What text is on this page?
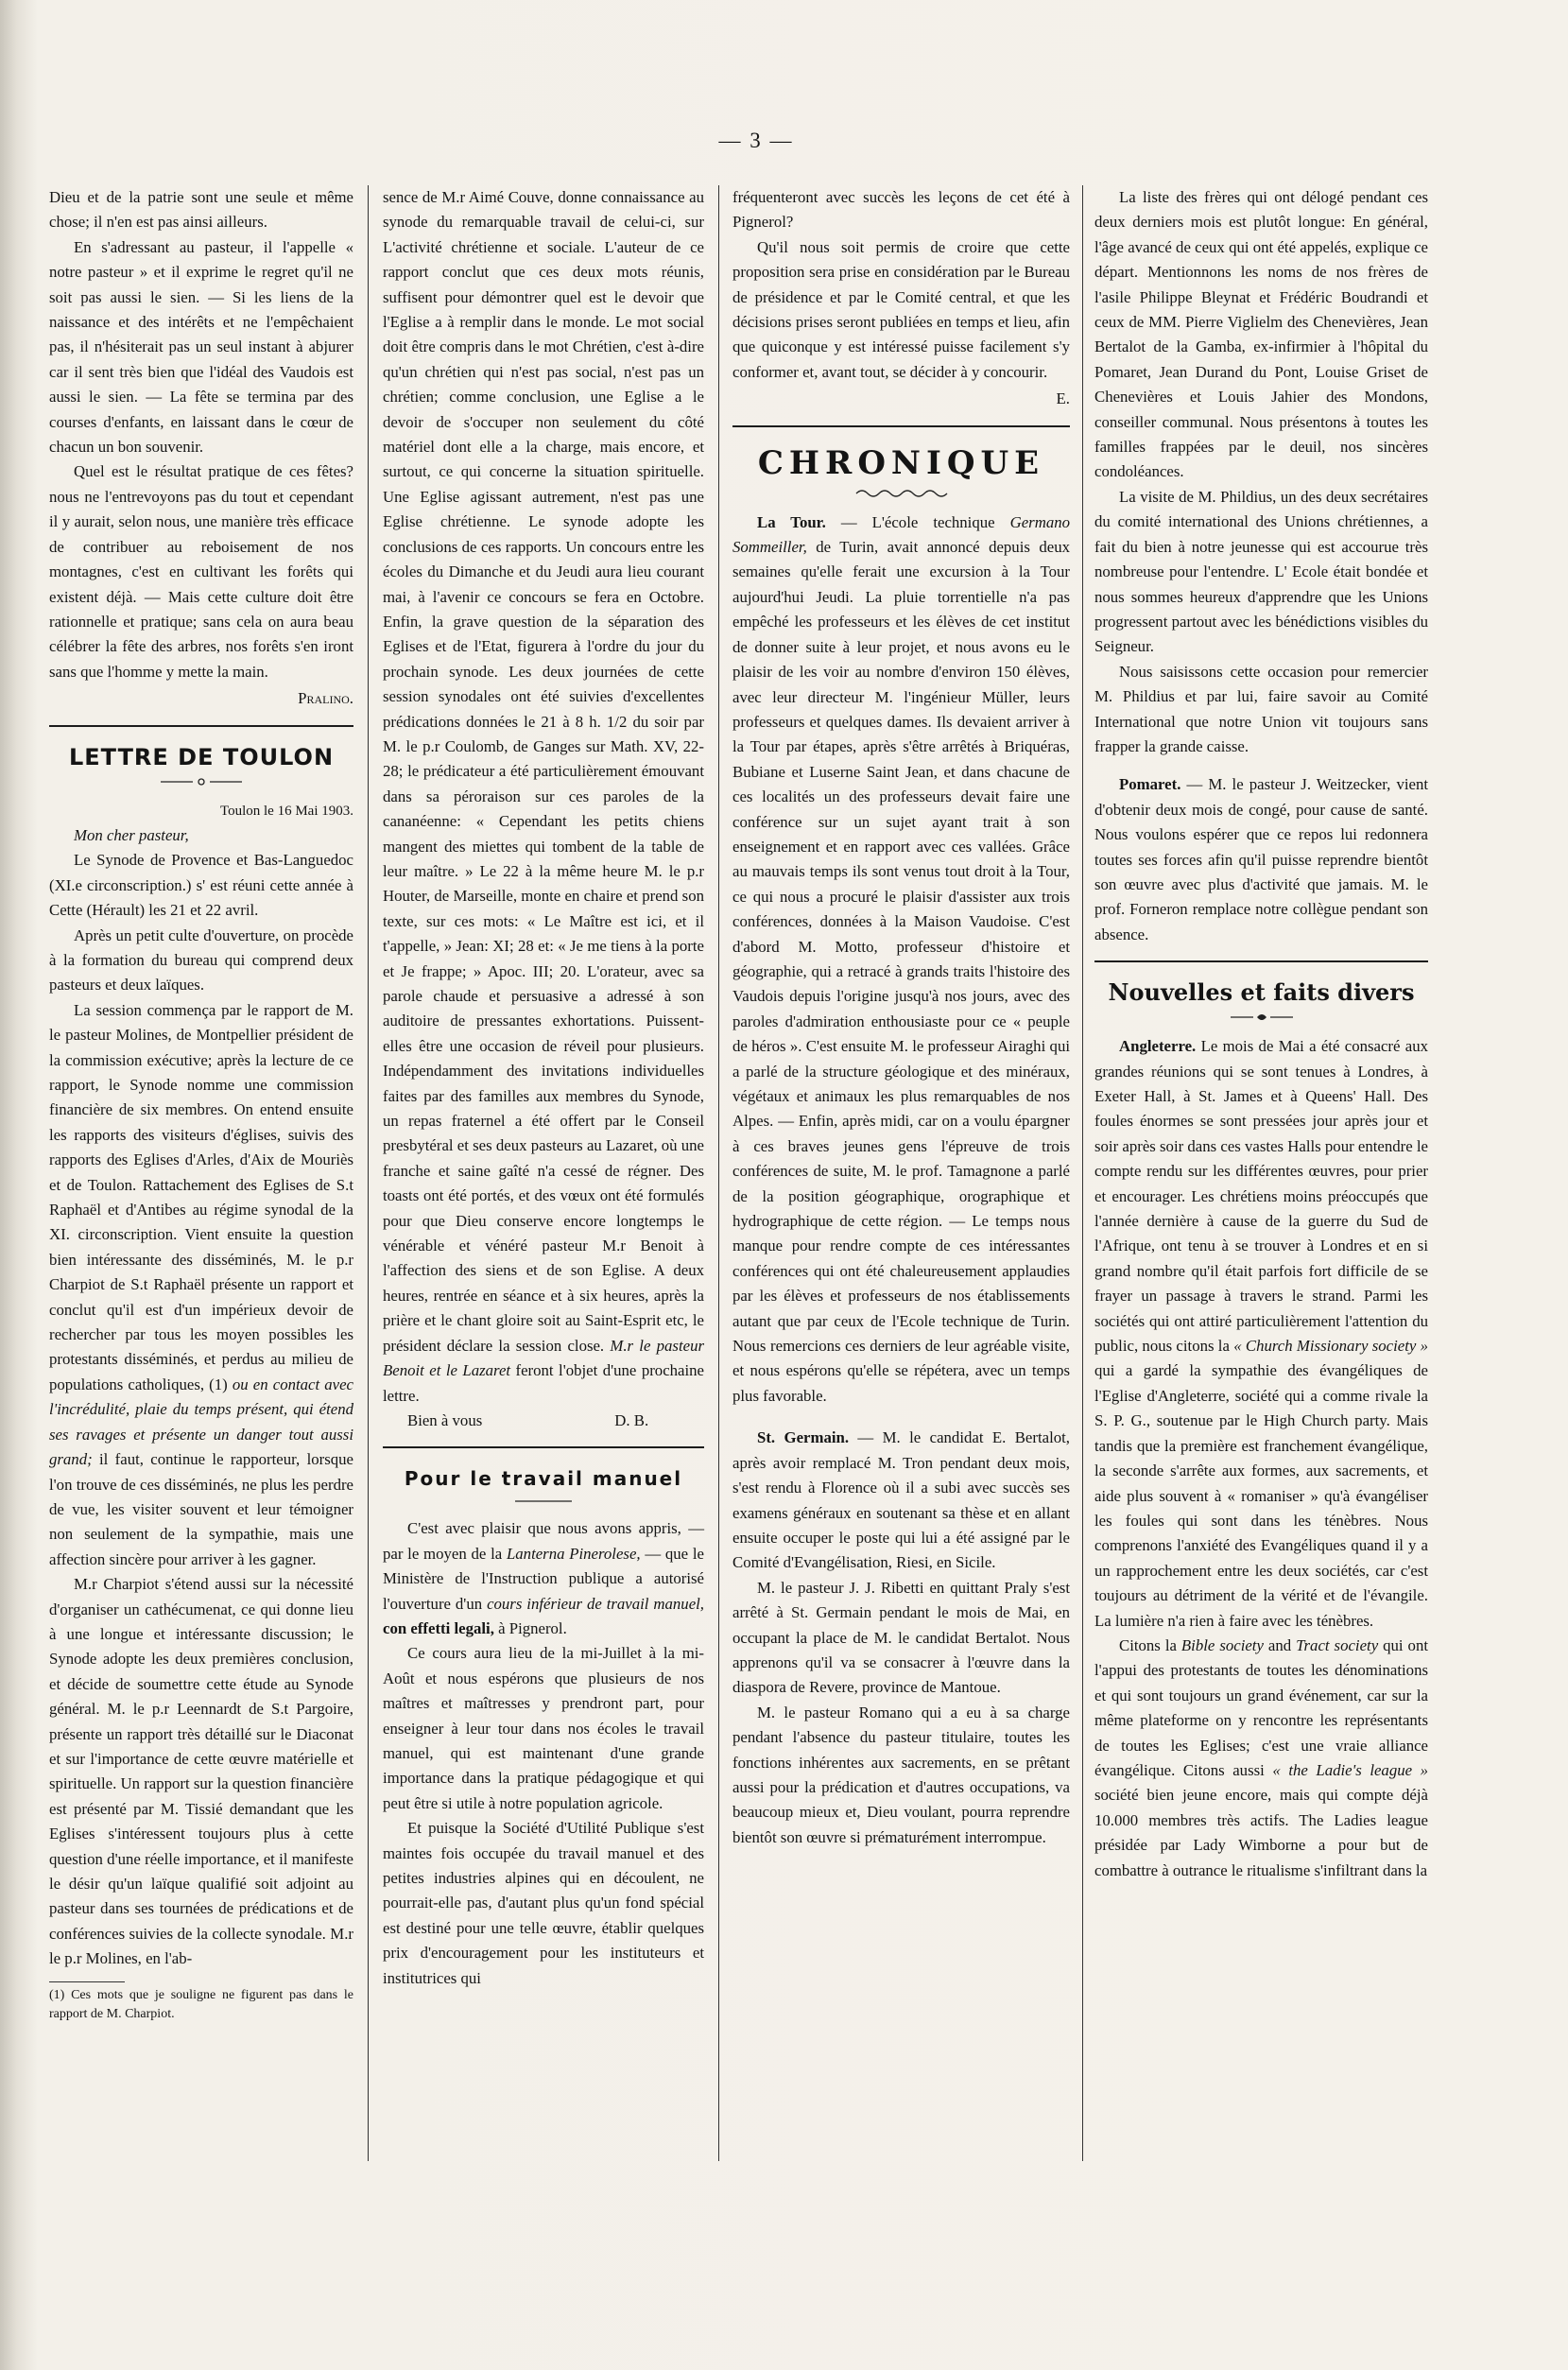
— 3 —

Dieu et de la patrie sont une seule et même chose; il n'en est pas ainsi ailleurs.

En s'adressant au pasteur, il l'appelle « notre pasteur » et il exprime le regret qu'il ne soit pas aussi le sien. — Si les liens de la naissance et des intérêts et ne l'empêchaient pas, il n'hésiterait pas un seul instant à abjurer car il sent très bien que l'idéal des Vaudois est aussi le sien. — La fête se termina par des courses d'enfants, en laissant dans le cœur de chacun un bon souvenir.

Quel est le résultat pratique de ces fêtes? nous ne l'entrevoyons pas du tout et cependant il y aurait, selon nous, une manière très efficace de contribuer au reboisement de nos montagnes, c'est en cultivant les forêts qui existent déjà. — Mais cette culture doit être rationnelle et pratique; sans cela on aura beau célébrer la fête des arbres, nos forêts s'en iront sans que l'homme y mette la main.

Pralino.
LETTRE DE TOULON
Toulon le 16 Mai 1903.

Mon cher pasteur,

Le Synode de Provence et Bas-Languedoc (XI.e circonscription.) s' est réuni cette année à Cette (Hérault) les 21 et 22 avril.

Après un petit culte d'ouverture, on procède à la formation du bureau qui comprend deux pasteurs et deux laïques.

La session commença par le rapport de M. le pasteur Molines, de Montpellier président de la commission exécutive; après la lecture de ce rapport, le Synode nomme une commission financière de six membres. On entend ensuite les rapports des visiteurs d'églises, suivis des rapports des Eglises d'Arles, d'Aix de Mouriès et de Toulon. Rattachement des Eglises de S.t Raphaël et d'Antibes au régime synodal de la XI. circonscription. Vient ensuite la question bien intéressante des disséminés, M. le p.r Charpiot de S.t Raphaël présente un rapport et conclut qu'il est d'un impérieux devoir de rechercher par tous les moyen possibles les protestants disséminés, et perdus au milieu de populations catholiques, (1) ou en contact avec l'incrédulité, plaie du temps présent, qui étend ses ravages et présente un danger tout aussi grand; il faut, continue le rapporteur, lorsque l'on trouve de ces disséminés, ne plus les perdre de vue, les visiter souvent et leur témoigner non seulement de la sympathie, mais une affection sincère pour arriver à les gagner.

M.r Charpiot s'étend aussi sur la nécessité d'organiser un cathécumenat, ce qui donne lieu à une longue et intéressante discussion; le Synode adopte les deux premières conclusion, et décide de soumettre cette étude au Synode général. M. le p.r Leennardt de S.t Pargoire, présente un rapport très détaillé sur le Diaconat et sur l'importance de cette œuvre matérielle et spirituelle. Un rapport sur la question financière est présenté par M. Tissié demandant que les Eglises s'intéressent toujours plus à cette question d'une réelle importance, et il manifeste le désir qu'un laïque qualifié soit adjoint au pasteur dans ses tournées de prédications et de conférences suivies de la collecte synodale. M.r le p.r Molines, en l'ab-

(1) Ces mots que je souligne ne figurent pas dans le rapport de M. Charpiot.

sence de M.r Aimé Couve, donne connaissance au synode du remarquable travail de celui-ci, sur L'activité chrétienne et sociale. L'auteur de ce rapport conclut que ces deux mots réunis, suffisent pour démontrer quel est le devoir que l'Eglise a à remplir dans le monde. Le mot social doit être compris dans le mot Chrétien, c'est à-dire qu'un chrétien qui n'est pas social, n'est pas un chrétien; comme conclusion, une Eglise a le devoir de s'occuper non seulement du côté matériel dont elle a la charge, mais encore, et surtout, ce qui concerne la situation spirituelle. Une Eglise agissant autrement, n'est pas une Eglise chrétienne. Le synode adopte les conclusions de ces rapports. Un concours entre les écoles du Dimanche et du Jeudi aura lieu courant mai, à l'avenir ce concours se fera en Octobre. Enfin, la grave question de la séparation des Eglises et de l'Etat, figurera à l'ordre du jour du prochain synode. Les deux journées de cette session synodales ont été suivies d'excellentes prédications données le 21 à 8 h. 1/2 du soir par M. le p.r Coulomb, de Ganges sur Math. XV, 22-28; le prédicateur a été particulièrement émouvant dans sa péroraison sur ces paroles de la cananéenne: « Cependant les petits chiens mangent des miettes qui tombent de la table de leur maître. » Le 22 à la même heure M. le p.r Houter, de Marseille, monte en chaire et prend son texte, sur ces mots: « Le Maître est ici, et il t'appelle, » Jean: XI; 28 et: « Je me tiens à la porte et Je frappe; » Apoc. III; 20. L'orateur, avec sa parole chaude et persuasive a adressé à son auditoire de pressantes exhortations. Puissent-elles être une occasion de réveil pour plusieurs. Indépendamment des invitations individuelles faites par des familles aux membres du Synode, un repas fraternel a été offert par le Conseil presbytéral et ses deux pasteurs au Lazaret, où une franche et saine gaîté n'a cessé de régner. Des toasts ont été portés, et des vœux ont été formulés pour que Dieu conserve encore longtemps le vénérable et vénéré pasteur M.r Benoit à l'affection des siens et de son Eglise. A deux heures, rentrée en séance et à six heures, après la prière et le chant gloire soit au Saint-Esprit etc, le président déclare la session close. M.r le pasteur Benoit et le Lazaret feront l'objet d'une prochaine lettre.

Bien à vous	D. B.

Pour le travail manuel

C'est avec plaisir que nous avons appris, — par le moyen de la Lanterna Pinerolese, — que le Ministère de l'Instruction publique a autorisé l'ouverture d'un cours inférieur de travail manuel, con effetti legali, à Pignerol.

Ce cours aura lieu de la mi-Juillet à la mi-Août et nous espérons que plusieurs de nos maîtres et maîtresses y prendront part, pour enseigner à leur tour dans nos écoles le travail manuel, qui est maintenant d'une grande importance dans la pratique pédagogique et qui peut être si utile à notre population agricole.

Et puisque la Société d'Utilité Publique s'est maintes fois occupée du travail manuel et des petites industries alpines qui en découlent, ne pourrait-elle pas, d'autant plus qu'un fond spécial est destiné pour une telle œuvre, établir quelques prix d'encouragement pour les instituteurs et institutrices qui

fréquenteront avec succès les leçons de cet été à Pignerol?

Qu'il nous soit permis de croire que cette proposition sera prise en considération par le Bureau de présidence et par le Comité central, et que les décisions prises seront publiées en temps et lieu, afin que quiconque y est intéressé puisse facilement s'y conformer et, avant tout, se décider à y concourir.

E.
CHRONIQUE

La Tour. — L'école technique Germano Sommeiller, de Turin, avait annoncé depuis deux semaines qu'elle ferait une excursion à la Tour aujourd'hui Jeudi. La pluie torrentielle n'a pas empêché les professeurs et les élèves de cet institut de donner suite à leur projet, et nous avons eu le plaisir de les voir au nombre d'environ 150 élèves, avec leur directeur M. l'ingénieur Müller, leurs professeurs et quelques dames. Ils devaient arriver à la Tour par étapes, après s'être arrêtés à Briquéras, Bubiane et Luserne Saint Jean, et dans chacune de ces localités un des professeurs devait faire une conférence sur un sujet ayant trait à son enseignement et en rapport avec ces vallées. Grâce au mauvais temps ils sont venus tout droit à la Tour, ce qui nous a procuré le plaisir d'assister aux trois conférences, données à la Maison Vaudoise. C'est d'abord M. Motto, professeur d'histoire et géographie, qui a retracé à grands traits l'histoire des Vaudois depuis l'origine jusqu'à nos jours, avec des paroles d'admiration enthousiaste pour ce « peuple de héros ». C'est ensuite M. le professeur Airaghi qui a parlé de la structure géologique et des minéraux, végétaux et animaux les plus remarquables de nos Alpes. — Enfin, après midi, car on a voulu épargner à ces braves jeunes gens l'épreuve de trois conférences de suite, M. le prof. Tamagnone a parlé de la position géographique, orographique et hydrographique de cette région. — Le temps nous manque pour rendre compte de ces intéressantes conférences qui ont été chaleureusement applaudies par les élèves et professeurs de nos établissements autant que par ceux de l'Ecole technique de Turin. Nous remercions ces derniers de leur agréable visite, et nous espérons qu'elle se répétera, avec un temps plus favorable.

St. Germain. — M. le candidat E. Bertalot, après avoir remplacé M. Tron pendant deux mois, s'est rendu à Florence où il a subi avec succès ses examens généraux en soutenant sa thèse et en allant ensuite occuper le poste qui lui a été assigné par le Comité d'Evangélisation, Riesi, en Sicile.

M. le pasteur J. J. Ribetti en quittant Praly s'est arrêté à St. Germain pendant le mois de Mai, en occupant la place de M. le candidat Bertalot. Nous apprenons qu'il va se consacrer à l'œuvre dans la diaspora de Revere, province de Mantoue.

M. le pasteur Romano qui a eu à sa charge pendant l'absence du pasteur titulaire, toutes les fonctions inhérentes aux sacrements, en se prêtant aussi pour la prédication et d'autres occupations, va beaucoup mieux et, Dieu voulant, pourra reprendre bientôt son œuvre si prématurément interrompue.

La liste des frères qui ont délogé pendant ces deux derniers mois est plutôt longue: En général, l'âge avancé de ceux qui ont été appelés, explique ce départ. Mentionnons les noms de nos frères de l'asile Philippe Bleynat et Frédéric Boudrandi et ceux de MM. Pierre Viglielm des Chenevières, Jean Bertalot de la Gamba, ex-infirmier à l'hôpital du Pomaret, Jean Durand du Pont, Louise Griset de Chenevières et Louis Jahier des Mondons, conseiller communal. Nous présentons à toutes les familles frappées par le deuil, nos sincères condoléances.

La visite de M. Phildius, un des deux secrétaires du comité international des Unions chrétiennes, a fait du bien à notre jeunesse qui est accourue très nombreuse pour l'entendre. L' Ecole était bondée et nous sommes heureux d'apprendre que les Unions progressent partout avec les bénédictions visibles du Seigneur.

Nous saisissons cette occasion pour remercier M. Phildius et par lui, faire savoir au Comité International que notre Union vit toujours sans frapper la grande caisse.

Pomaret. — M. le pasteur J. Weitzecker, vient d'obtenir deux mois de congé, pour cause de santé. Nous voulons espérer que ce repos lui redonnera toutes ses forces afin qu'il puisse reprendre bientôt son œuvre avec plus d'activité que jamais. M. le prof. Forneron remplace notre collègue pendant son absence.

Nouvelles et faits divers

Angleterre. Le mois de Mai a été consacré aux grandes réunions qui se sont tenues à Londres, à Exeter Hall, à St. James et à Queens' Hall. Des foules énormes se sont pressées jour après jour et soir après soir dans ces vastes Halls pour entendre le compte rendu sur les différentes œuvres, pour prier et encourager. Les chrétiens moins préoccupés que l'année dernière à cause de la guerre du Sud de l'Afrique, ont tenu à se trouver à Londres et en si grand nombre qu'il était parfois fort difficile de se frayer un passage à travers le strand. Parmi les sociétés qui ont attiré particulièrement l'attention du public, nous citons la « Church Missionary society » qui a gardé la sympathie des évangéliques de l'Eglise d'Angleterre, société qui a comme rivale la S. P. G., soutenue par le High Church party. Mais tandis que la première est franchement évangélique, la seconde s'arrête aux formes, aux sacrements, et aide plus souvent à « romaniser » qu'à évangéliser les foules qui sont dans les ténèbres. Nous comprenons l'anxiété des Evangéliques quand il y a un rapprochement entre les deux sociétés, car c'est toujours au détriment de la vérité et de l'évangile. La lumière n'a rien à faire avec les ténèbres.

Citons la Bible society and Tract society qui ont l'appui des protestants de toutes les dénominations et qui sont toujours un grand événement, car sur la même plateforme on y rencontre les représentants de toutes les Eglises; c'est une vraie alliance évangélique. Citons aussi « the Ladie's league » société bien jeune encore, mais qui compte déjà 10.000 membres très actifs. The Ladies league présidée par Lady Wimborne a pour but de combattre à outrance le ritualisme s'infiltrant dans la
